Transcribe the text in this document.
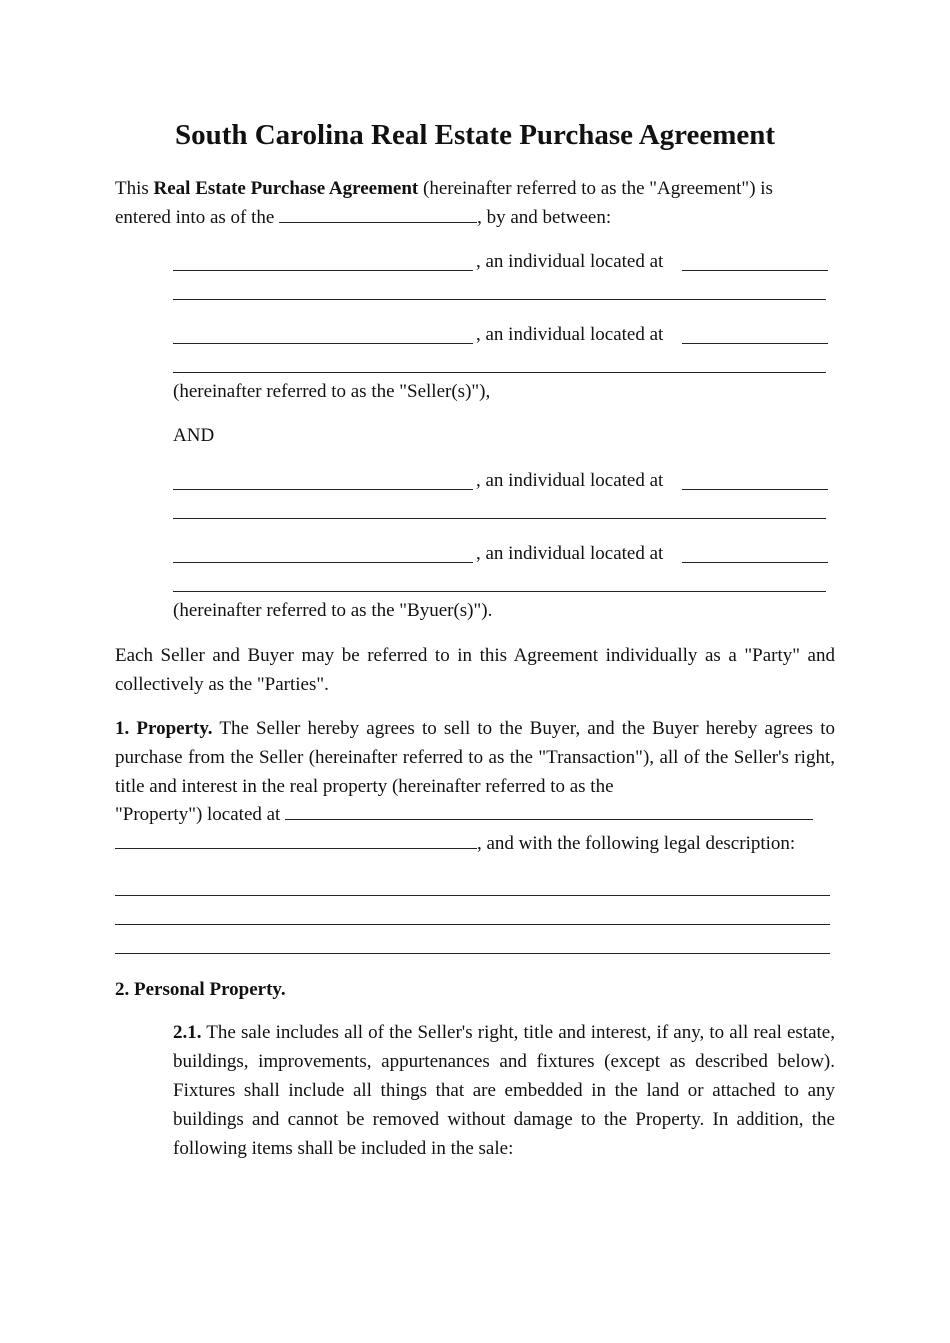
South Carolina Real Estate Purchase Agreement

This Real Estate Purchase Agreement (hereinafter referred to as the "Agreement") is

entered into as of the	, by and between:

, an individual located at

, an individual located at

(hereinafter referred to as the "Seller(s)"),

AND

, an individual located at

, an individual located at

(hereinafter referred to as the "Byuer(s)").

Each Seller and Buyer may be referred to in this Agreement individually as a "Party" and collectively as the "Parties".

1. Property. The Seller hereby agrees to sell to the Buyer, and the Buyer hereby agrees to purchase from the Seller (hereinafter referred to as the "Transaction"), all of the Seller's right, title and interest in the real property (hereinafter referred to as the

"Property") located at

, and with the following legal description:

2. Personal Property.

2.1. The sale includes all of the Seller's right, title and interest, if any, to all real estate, buildings, improvements, appurtenances and fixtures (except as described below). Fixtures shall include all things that are embedded in the land or attached to any buildings and cannot be removed without damage to the Property. In addition, the following items shall be included in the sale:
